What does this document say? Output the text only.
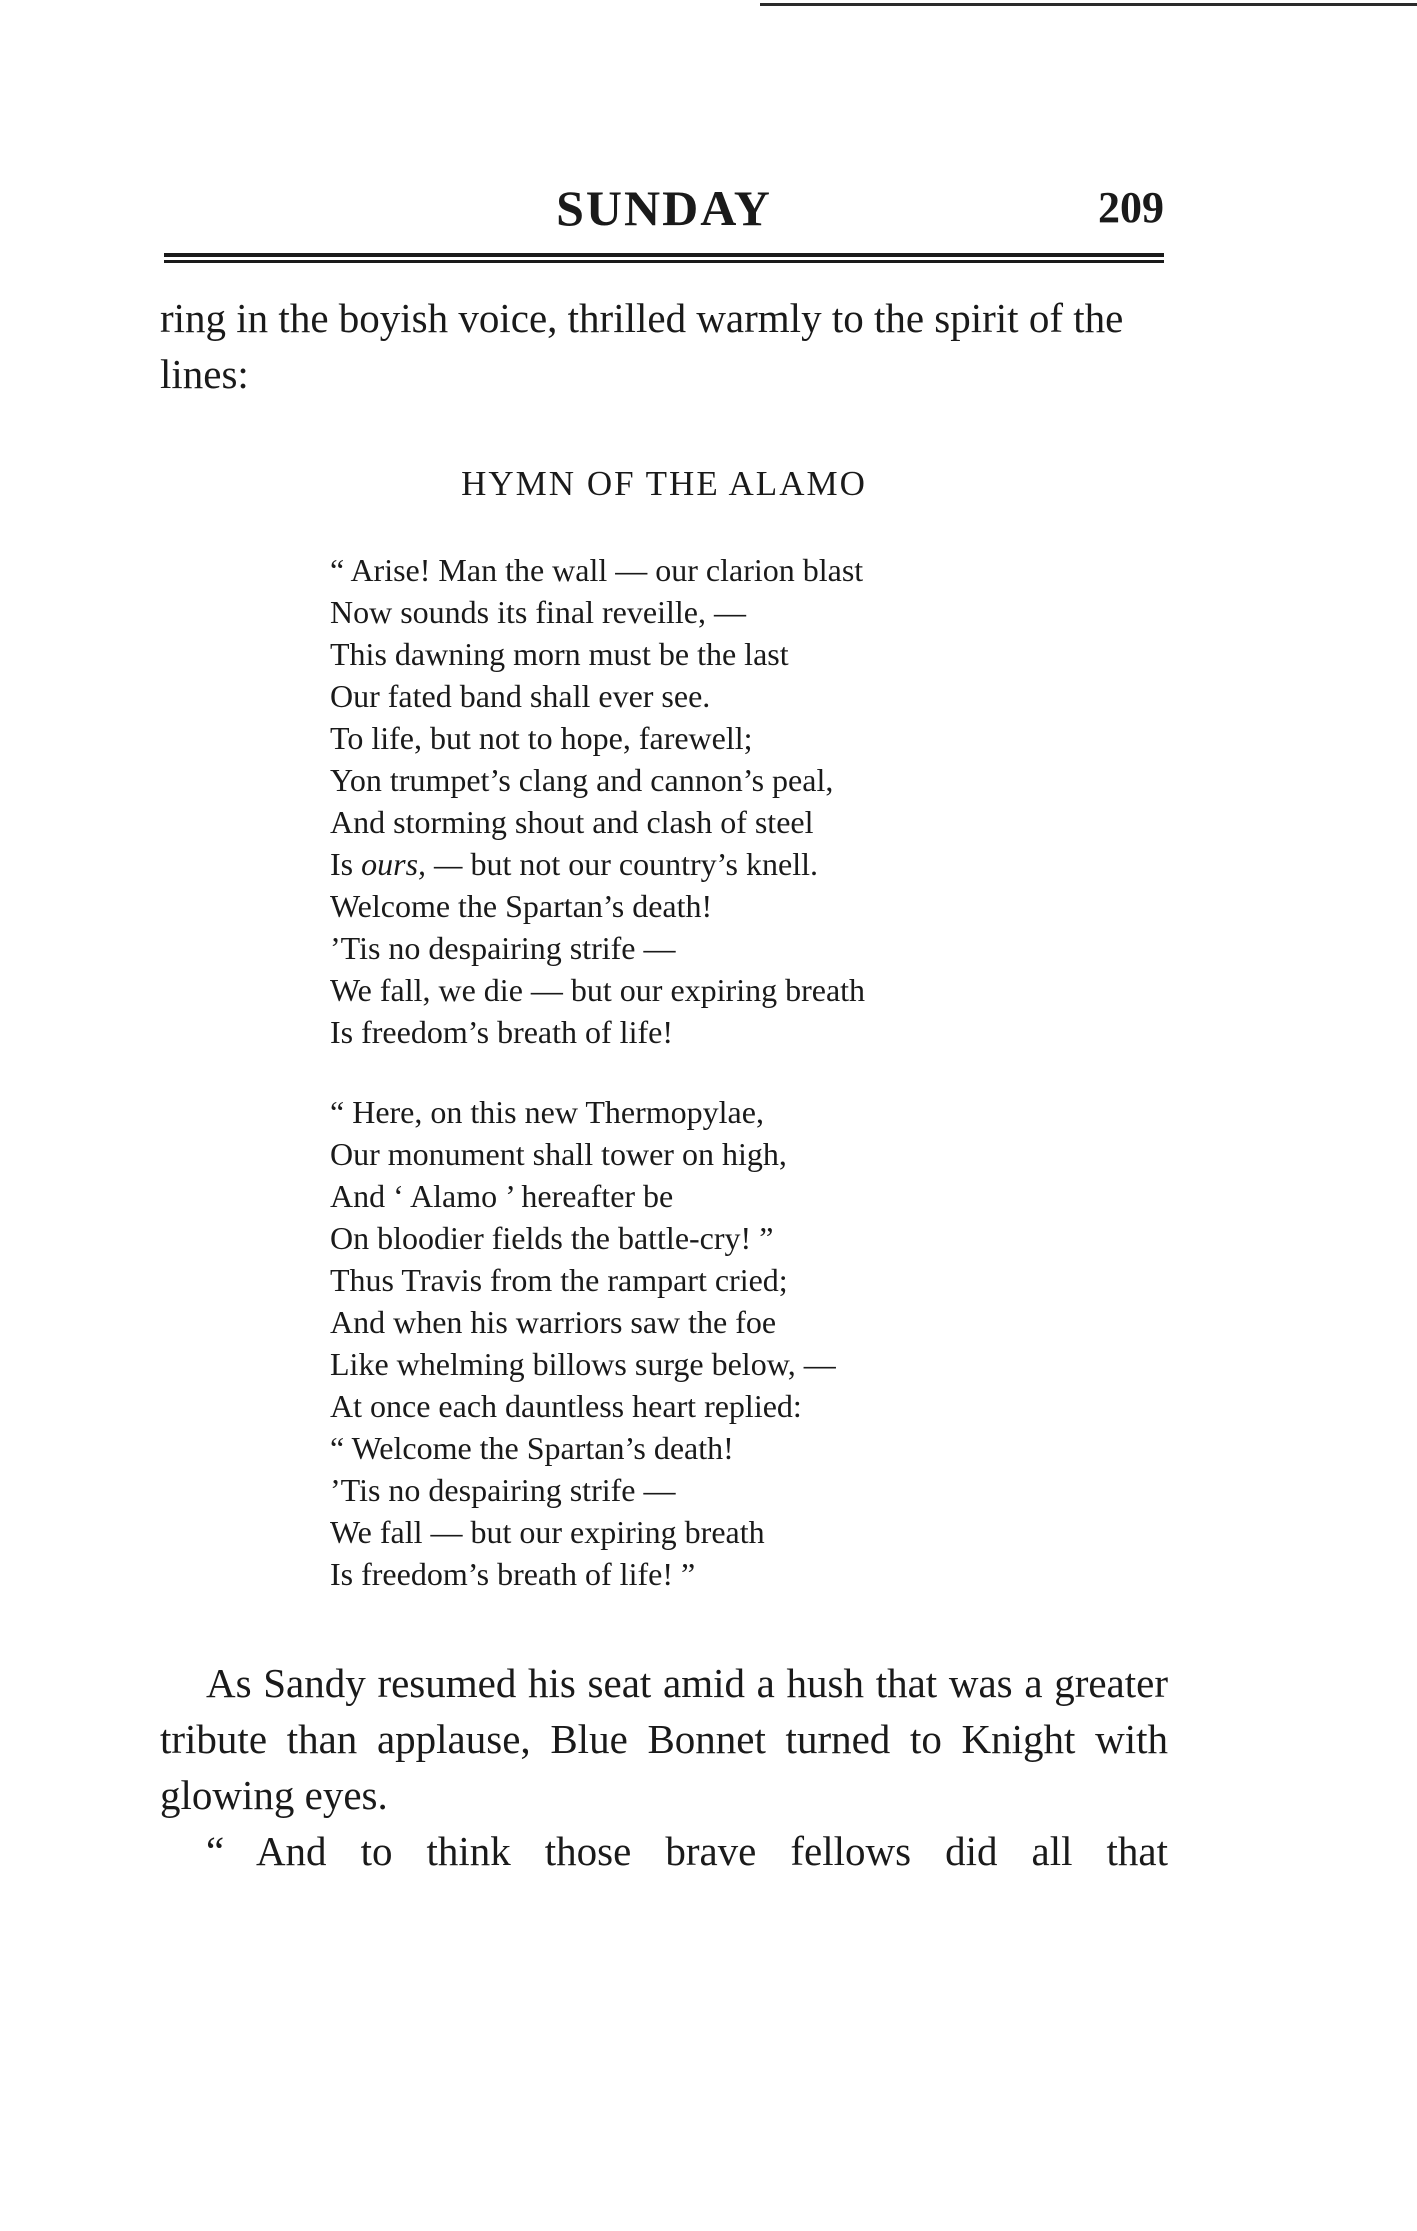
SUNDAY	209

ring in the boyish voice, thrilled warmly to the spirit of the lines:

HYMN OF THE ALAMO
“ Arise! Man the wall — our clarion blast
Now sounds its final reveille, —
This dawning morn must be the last
Our fated band shall ever see.
To life, but not to hope, farewell;
Yon trumpet’s clang and cannon’s peal,
And storming shout and clash of steel
Is ours, — but not our country’s knell.
Welcome the Spartan’s death!
’Tis no despairing strife —
We fall, we die — but our expiring breath
Is freedom’s breath of life!
“ Here, on this new Thermopylae,
Our monument shall tower on high,
And ‘ Alamo ’ hereafter be
On bloodier fields the battle-cry! ”
Thus Travis from the rampart cried;
And when his warriors saw the foe
Like whelming billows surge below, —
At once each dauntless heart replied:
“ Welcome the Spartan’s death!
’Tis no despairing strife —
We fall — but our expiring breath
Is freedom’s breath of life! ”

As Sandy resumed his seat amid a hush that was a greater tribute than applause, Blue Bonnet turned to Knight with glowing eyes.

“ And to think those brave fellows did all that
